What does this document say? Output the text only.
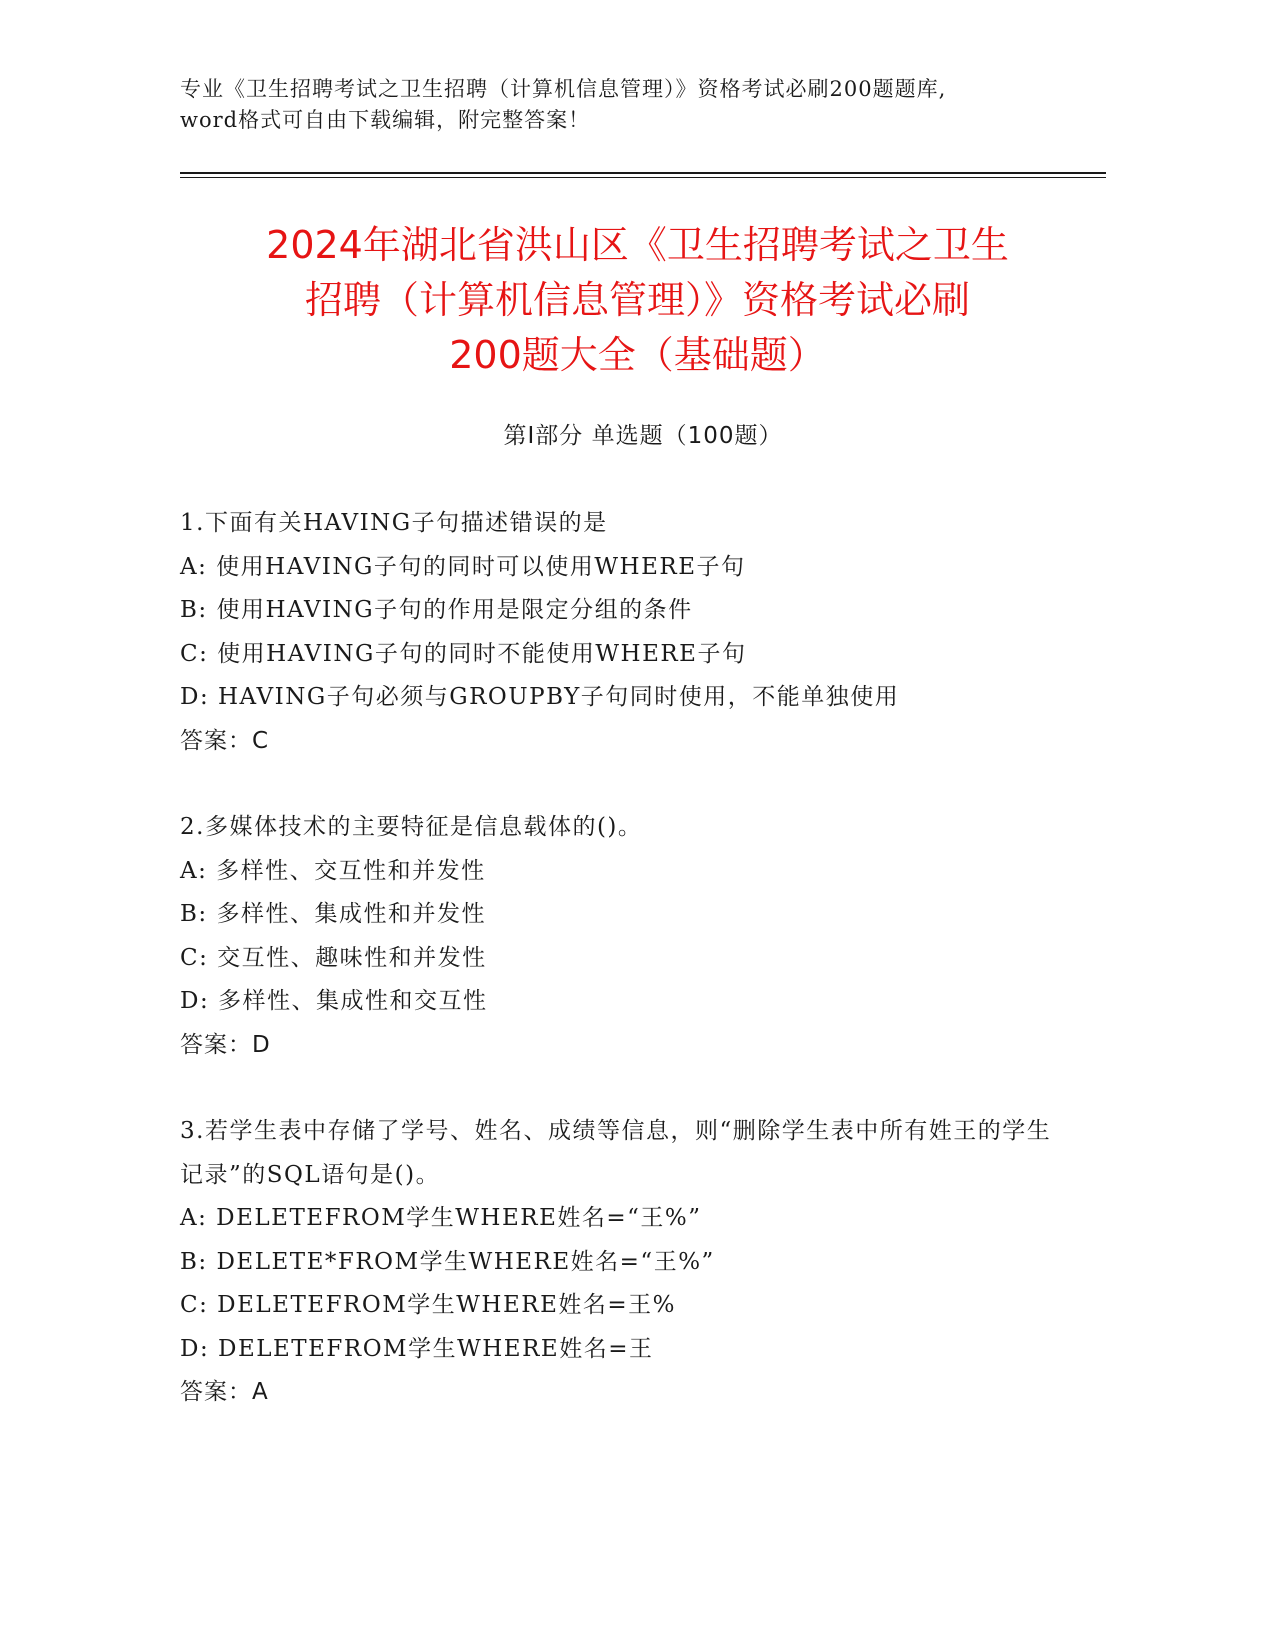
专业《卫生招聘考试之卫生招聘（计算机信息管理）》资格考试必刷200题题库,
word格式可自由下载编辑，附完整答案！
2024年湖北省洪山区《卫生招聘考试之卫生
招聘（计算机信息管理）》资格考试必刷
200题大全（基础题）
第Ⅰ部分 单选题（100题）
1.下面有关HAVING子句描述错误的是
A: 使用HAVING子句的同时可以使用WHERE子句
B: 使用HAVING子句的作用是限定分组的条件
C: 使用HAVING子句的同时不能使用WHERE子句
D: HAVING子句必须与GROUPBY子句同时使用，不能单独使用
答案：C
2.多媒体技术的主要特征是信息载体的()。
A: 多样性、交互性和并发性
B: 多样性、集成性和并发性
C: 交互性、趣味性和并发性
D: 多样性、集成性和交互性
答案：D
3.若学生表中存储了学号、姓名、成绩等信息，则“删除学生表中所有姓王的学生记录”的SQL语句是()。
A: DELETEFROM学生WHERE姓名=“王%”
B: DELETE*FROM学生WHERE姓名=“王%”
C: DELETEFROM学生WHERE姓名=王%
D: DELETEFROM学生WHERE姓名=王
答案：A
